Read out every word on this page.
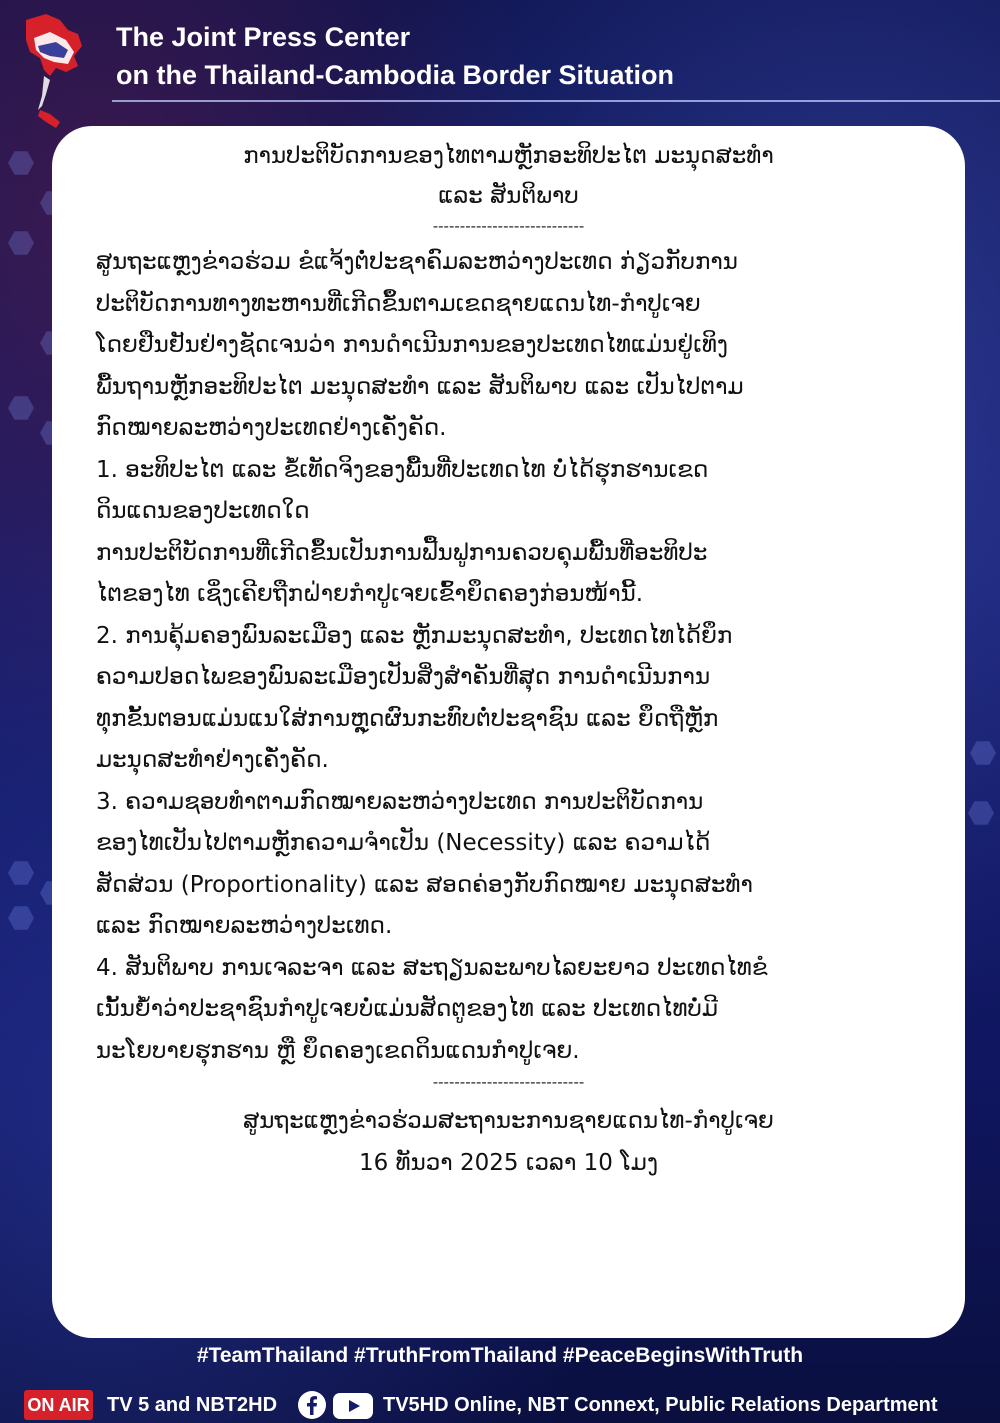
The Joint Press Center
on the Thailand-Cambodia Border Situation
ການປະຕິບັດການຂອງໄທຕາມຫຼັກອະທິປະໄຕ ມະນຸດສະທຳ
ແລະ ສັນຕິພາບ
----------------------------
ສູນຖະແຫຼງຂ່າວຮ່ວມ ຂໍແຈ້ງຕໍ່ປະຊາຄົມລະຫວ່າງປະເທດ ກ່ຽວກັບການ
ປະຕິບັດການທາງທະຫານທີ່ເກີດຂຶ້ນຕາມເຂດຊາຍແດນໄທ-ກຳປູເຈຍ
ໂດຍຢືນຢັນຢ່າງຊັດເຈນວ່າ ການດຳເນີນການຂອງປະເທດໄທແມ່ນຢູ່ເທິງ
ພື້ນຖານຫຼັກອະທິປະໄຕ ມະນຸດສະທຳ ແລະ ສັນຕິພາບ ແລະ ເປັນໄປຕາມ
ກົດໝາຍລະຫວ່າງປະເທດຢ່າງເຄັ່ງຄັດ.
1. ອະທິປະໄຕ ແລະ ຂໍ້ເທັດຈິງຂອງພື້ນທີ່ປະເທດໄທ ບໍ່ໄດ້ຮຸກຮານເຂດ
ດິນແດນຂອງປະເທດໃດ
ການປະຕິບັດການທີ່ເກີດຂຶ້ນເປັນການຟື້ນຟູການຄວບຄຸມພື້ນທີ່ອະທິປະ
ໄຕຂອງໄທ ເຊິ່ງເຄີຍຖືກຝ່າຍກຳປູເຈຍເຂົ້າຍຶດຄອງກ່ອນໜ້ານີ້.
2. ການຄຸ້ມຄອງພົນລະເມືອງ ແລະ ຫຼັກມະນຸດສະທຳ, ປະເທດໄທໄດ້ຍຶກ
ຄວາມປອດໄພຂອງພົນລະເມືອງເປັນສິ່ງສຳຄັນທີ່ສຸດ ການດຳເນີນການ
ທຸກຂັ້ນຕອນແມ່ນແນໃສ່ການຫຼຸດຜົນກະທົບຕໍ່ປະຊາຊົນ ແລະ ຍຶດຖືຫຼັກ
ມະນຸດສະທຳຢ່າງເຄັ່ງຄັດ.
3. ຄວາມຊອບທຳຕາມກົດໝາຍລະຫວ່າງປະເທດ ການປະຕິບັດການ
ຂອງໄທເປັນໄປຕາມຫຼັກຄວາມຈຳເປັນ (Necessity) ແລະ ຄວາມໄດ້
ສັດສ່ວນ (Proportionality) ແລະ ສອດຄ່ອງກັບກົດໝາຍ ມະນຸດສະທຳ
ແລະ ກົດໝາຍລະຫວ່າງປະເທດ.
4. ສັນຕິພາບ ການເຈລະຈາ ແລະ ສະຖຽນລະພາບໄລຍະຍາວ ປະເທດໄທຂໍ
ເນັ້ນຍ້ຳວ່າປະຊາຊົນກຳປູເຈຍບໍ່ແມ່ນສັດຕູຂອງໄທ ແລະ ປະເທດໄທບໍ່ມີ
ນະໂຍບາຍຮຸກຮານ ຫຼື ຍຶດຄອງເຂດດິນແດນກຳປູເຈຍ.
----------------------------
ສູນຖະແຫຼງຂ່າວຮ່ວມສະຖານະການຊາຍແດນໄທ-ກຳປູເຈຍ
16 ທັນວາ 2025 ເວລາ 10 ໂມງ
#TeamThailand #TruthFromThailand #PeaceBeginsWithTruth
ON AIR TV 5 and NBT2HD	TV5HD Online, NBT Connext, Public Relations Department
